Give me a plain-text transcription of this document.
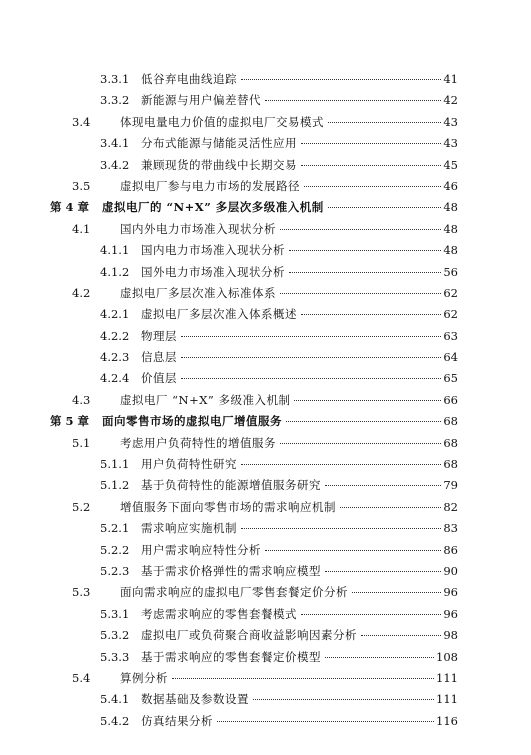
3.3.1	低谷弃电曲线追踪	41
3.3.2	新能源与用户偏差替代	42
3.4	体现电量电力价值的虚拟电厂交易模式	43
3.4.1	分布式能源与储能灵活性应用	43
3.4.2	兼顾现货的带曲线中长期交易	45
3.5	虚拟电厂参与电力市场的发展路径	46
第 4 章	虚拟电厂的 “N+X” 多层次多级准入机制	48
4.1	国内外电力市场准入现状分析	48
4.1.1	国内电力市场准入现状分析	48
4.1.2	国外电力市场准入现状分析	56
4.2	虚拟电厂多层次准入标准体系	62
4.2.1	虚拟电厂多层次准入体系概述	62
4.2.2	物理层	63
4.2.3	信息层	64
4.2.4	价值层	65
4.3	虚拟电厂 “N+X” 多级准入机制	66
第 5 章	面向零售市场的虚拟电厂增值服务	68
5.1	考虑用户负荷特性的增值服务	68
5.1.1	用户负荷特性研究	68
5.1.2	基于负荷特性的能源增值服务研究	79
5.2	增值服务下面向零售市场的需求响应机制	82
5.2.1	需求响应实施机制	83
5.2.2	用户需求响应特性分析	86
5.2.3	基于需求价格弹性的需求响应模型	90
5.3	面向需求响应的虚拟电厂零售套餐定价分析	96
5.3.1	考虑需求响应的零售套餐模式	96
5.3.2	虚拟电厂或负荷聚合商收益影响因素分析	98
5.3.3	基于需求响应的零售套餐定价模型	108
5.4	算例分析	111
5.4.1	数据基础及参数设置	111
5.4.2	仿真结果分析	116
